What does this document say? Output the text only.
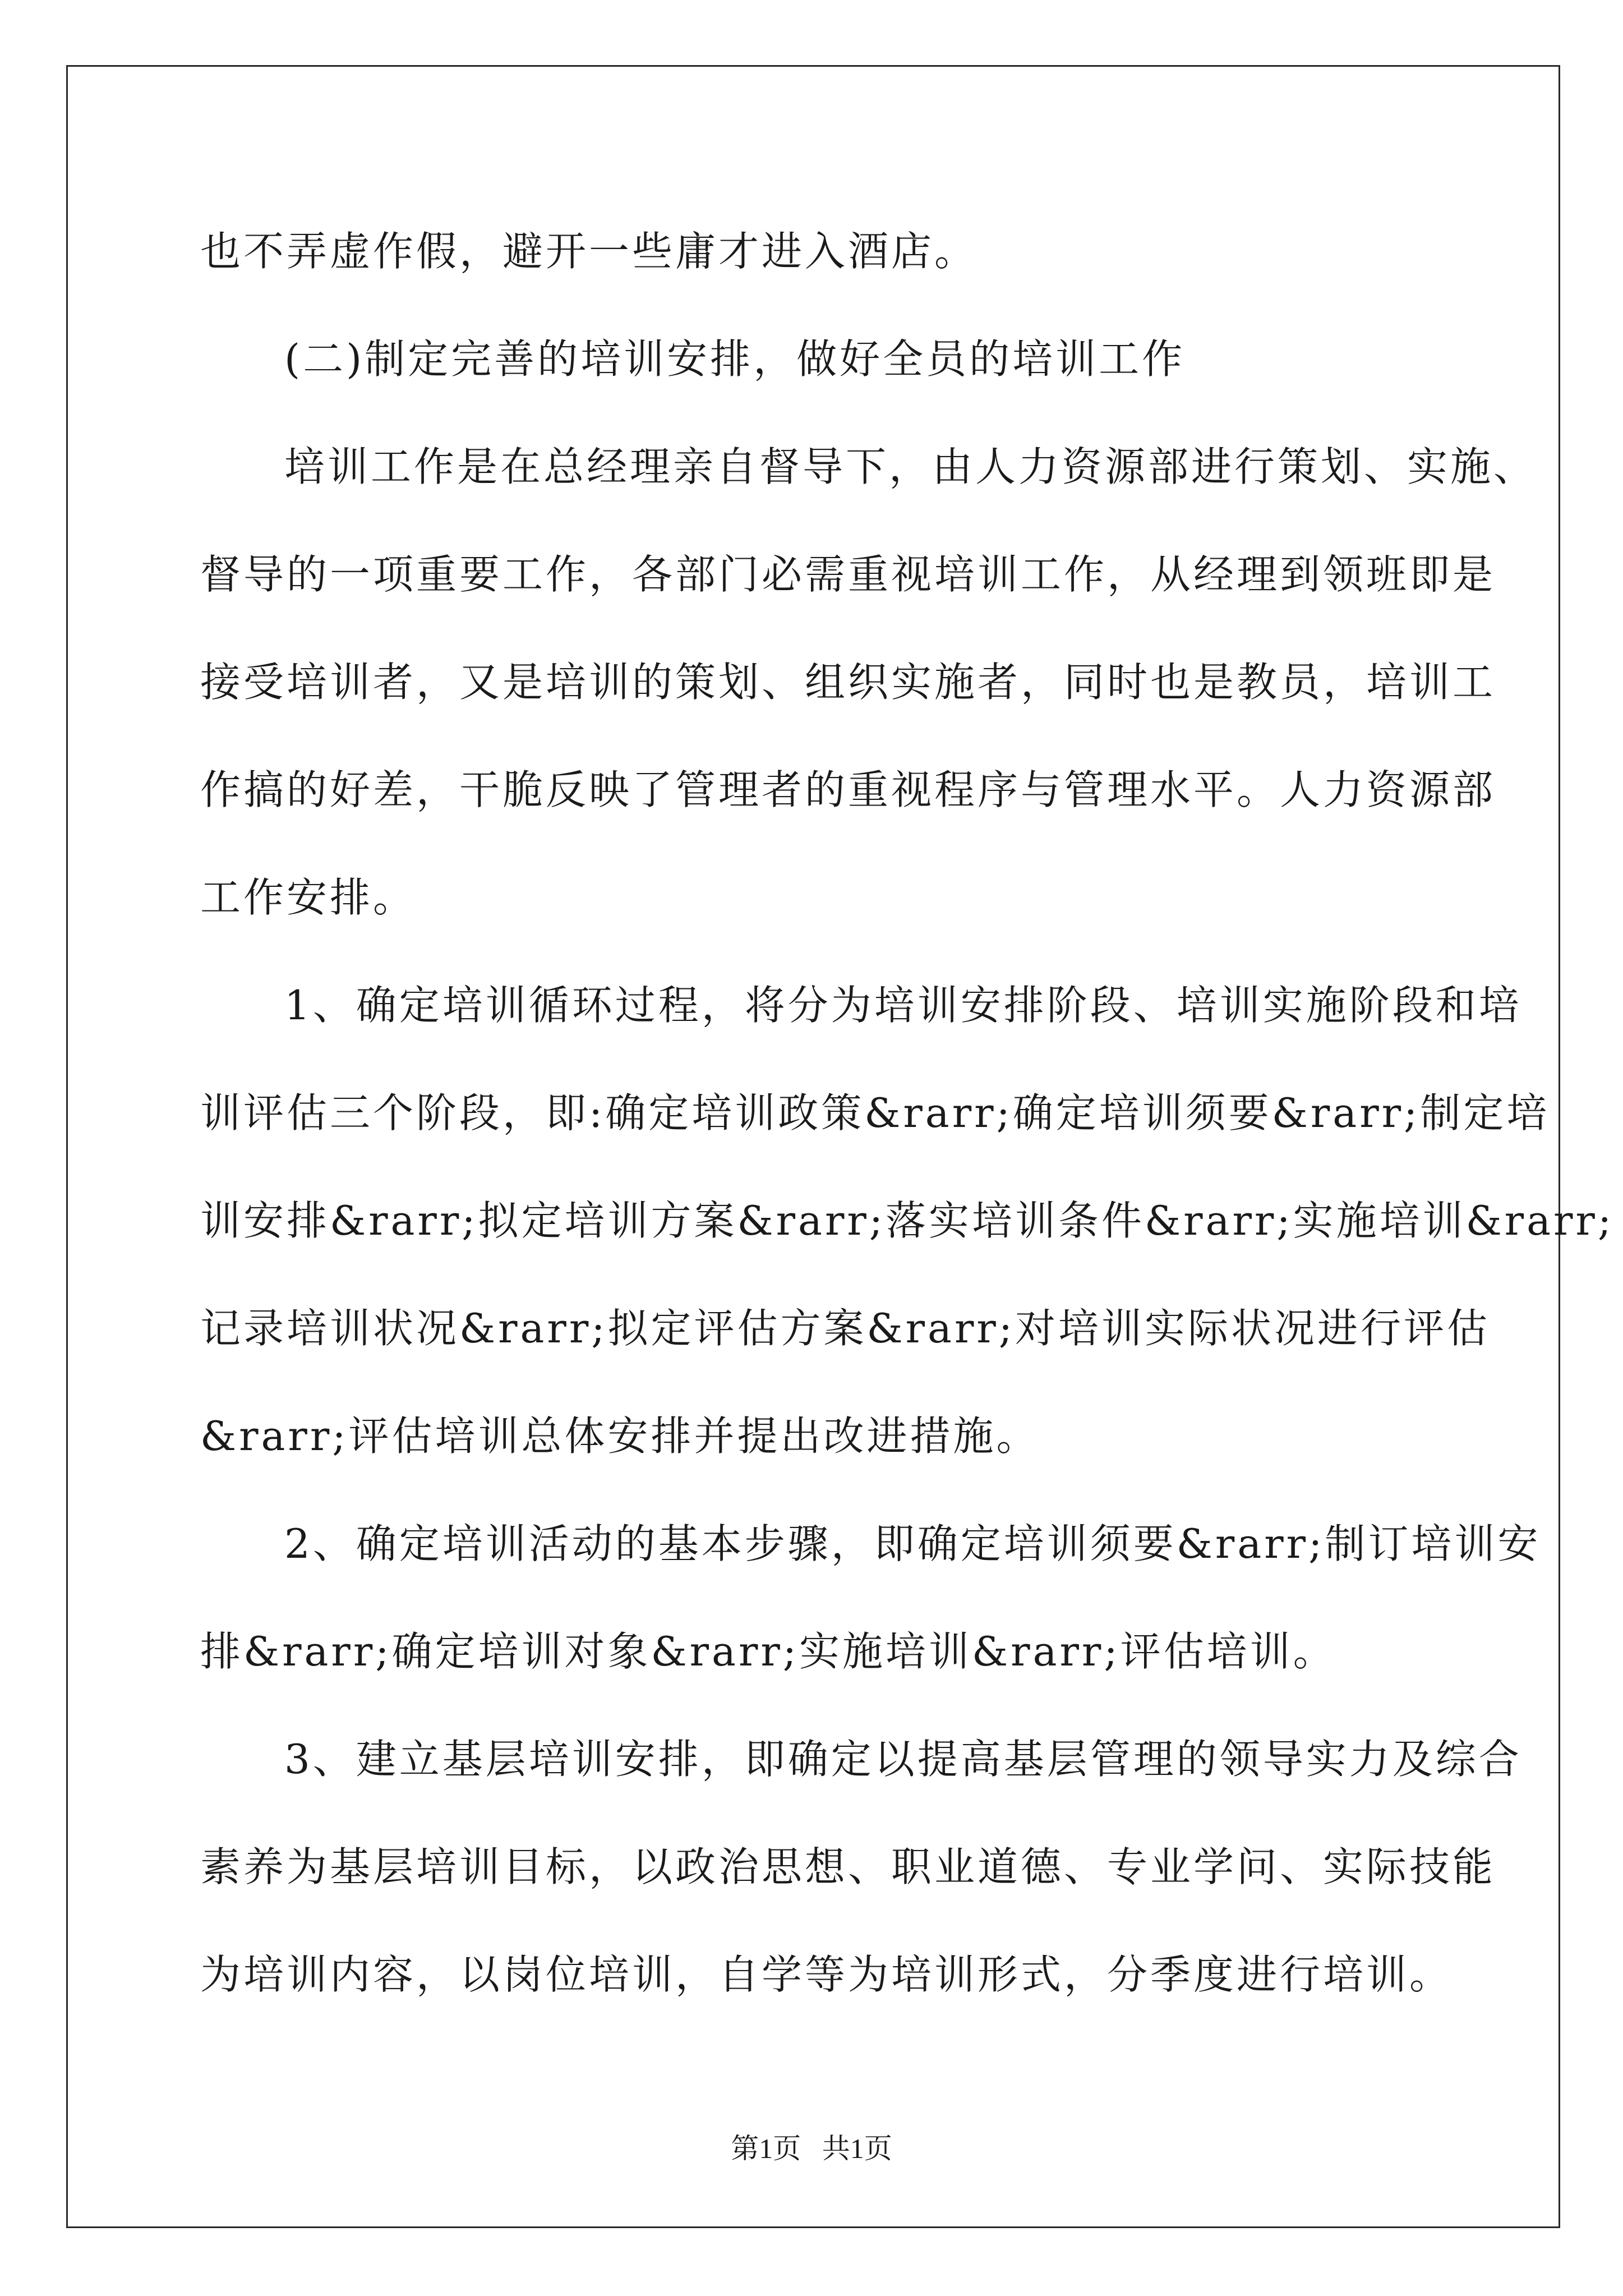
也不弄虚作假，避开一些庸才进入酒店。
(二)制定完善的培训安排，做好全员的培训工作
培训工作是在总经理亲自督导下，由人力资源部进行策划、实施、
督导的一项重要工作，各部门必需重视培训工作，从经理到领班即是
接受培训者，又是培训的策划、组织实施者，同时也是教员，培训工
作搞的好差，干脆反映了管理者的重视程序与管理水平。人力资源部
工作安排。
1、确定培训循环过程，将分为培训安排阶段、培训实施阶段和培
训评估三个阶段，即:确定培训政策&rarr;确定培训须要&rarr;制定培
训安排&rarr;拟定培训方案&rarr;落实培训条件&rarr;实施培训&rarr;
记录培训状况&rarr;拟定评估方案&rarr;对培训实际状况进行评估
&rarr;评估培训总体安排并提出改进措施。
2、确定培训活动的基本步骤，即确定培训须要&rarr;制订培训安
排&rarr;确定培训对象&rarr;实施培训&rarr;评估培训。
3、建立基层培训安排，即确定以提高基层管理的领导实力及综合
素养为基层培训目标，以政治思想、职业道德、专业学问、实际技能
为培训内容，以岗位培训，自学等为培训形式，分季度进行培训。
第1页   共1页
